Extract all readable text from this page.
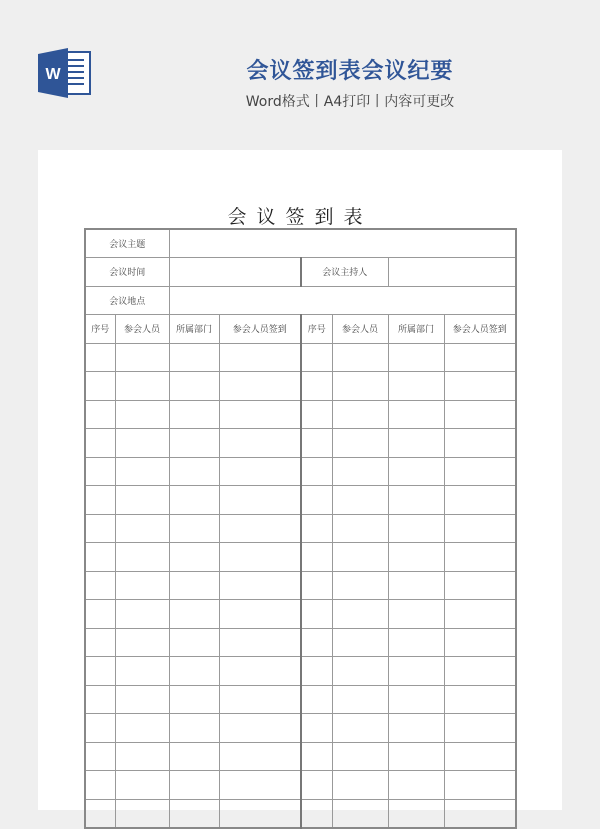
W	会议签到表会议纪要
Word格式丨A4打印丨内容可更改
会议签到表
会议主题							
会议时间				会议主持人			
会议地点							
序号	参会人员	所属部门	参会人员签到	序号	参会人员	所属部门	参会人员签到
